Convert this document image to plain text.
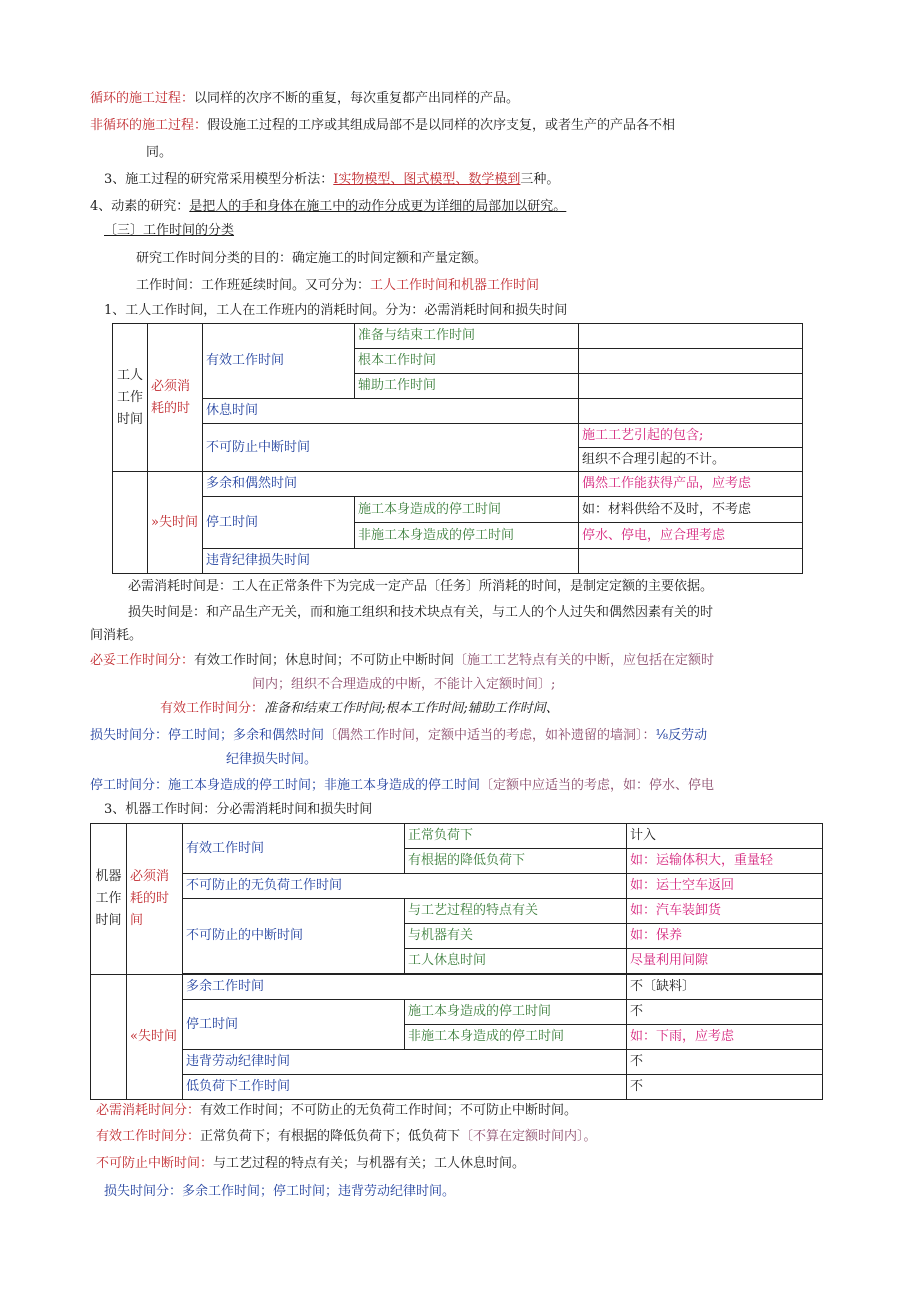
循环的施工过程：以同样的次序不断的重复，每次重复都产出同样的产品。
非循环的施工过程：假设施工过程的工序或其组成局部不是以同样的次序支复，或者生产的产品各不相
同。
3、施工过程的研究常采用模型分析法：I实物模型、图式模型、数学模到三种。
4、动素的研究：是把人的手和身体在施工中的动作分成更为详细的局部加以研究。
〔三〕工作时间的分类
研究工作时间分类的目的：确定施工的时间定额和产量定额。
工作时间：工作班延续时间。又可分为：工人工作时间和机器工作时间
1、工人工作时间，工人在工作班内的消耗时间。分为：必需消耗时间和损失时间
工人工作时间	必须消耗的时	有效工作时间	准备与结束工作时间	
			根本工作时间	
			辅助工作时间	
		休息时间		
		不可防止中断时间		施工工艺引起的包含;
				组织不合理引起的不计。
	»失时间	多余和偶然时间		偶然工作能获得产品，应考虑
		停工时间	施工本身造成的停工时间	如：材料供给不及时，不考虑
			非施工本身造成的停工时间	停水、停电，应合理考虑
		违背纪律损失时间		
必需消耗时间是：工人在正常条件下为完成一定产品〔任务〕所消耗的时间，是制定定额的主要依据。
损失时间是：和产品生产无关，而和施工组织和技术块点有关，与工人的个人过失和偶然因素有关的时
间消耗。
必妥工作时间分：有效工作时间；休息时间；不可防止中断时间〔施工工艺特点有关的中断，应包括在定额时
间内；组织不合理造成的中断，不能计入定额时间〕;
有效工作时间分：准备和结束工作时间;根本工作时间;辅助工作时间、
损失时间分：停工时间；多余和偶然时间〔偶然工作时间，定额中适当的考虑，如补遗留的墙洞〕：⅛反劳动
纪律损失时间。
停工时间分：施工本身造成的停工时间；非施工本身造成的停工时间〔定额中应适当的考虑，如：停水、停电
3、机器工作时间：分必需消耗时间和损失时间
机器工作时间	必须消耗的时间	有效工作时间	正常负荷下	计入
			有根据的降低负荷下	如：运输体积大，重量轻
		不可防止的无负荷工作时间		如：运士空车返回
		不可防止的中断时间	与工艺过程的特点有关	如：汽车装卸货
			与机器有关	如：保养
			工人休息时间	尽量利用间隙

	«失时间	多余工作时间		不〔缺料〕
		停工时间	施工本身造成的停工时间	不
			非施工本身造成的停工时间	如：下雨，应考虑
		违背劳动纪律时间		不
		低负荷下工作时间		不
必需消耗时间分：有效工作时间；不可防止的无负荷工作时间；不可防止中断时间。
有效工作时间分：正常负荷下；有根据的降低负荷下；低负荷下〔不算在定额时间内〕。
不可防止中断时间：与工艺过程的特点有关；与机器有关；工人休息时间。
损失时间分：多余工作时间；停工时间；违背劳动纪律时间。
